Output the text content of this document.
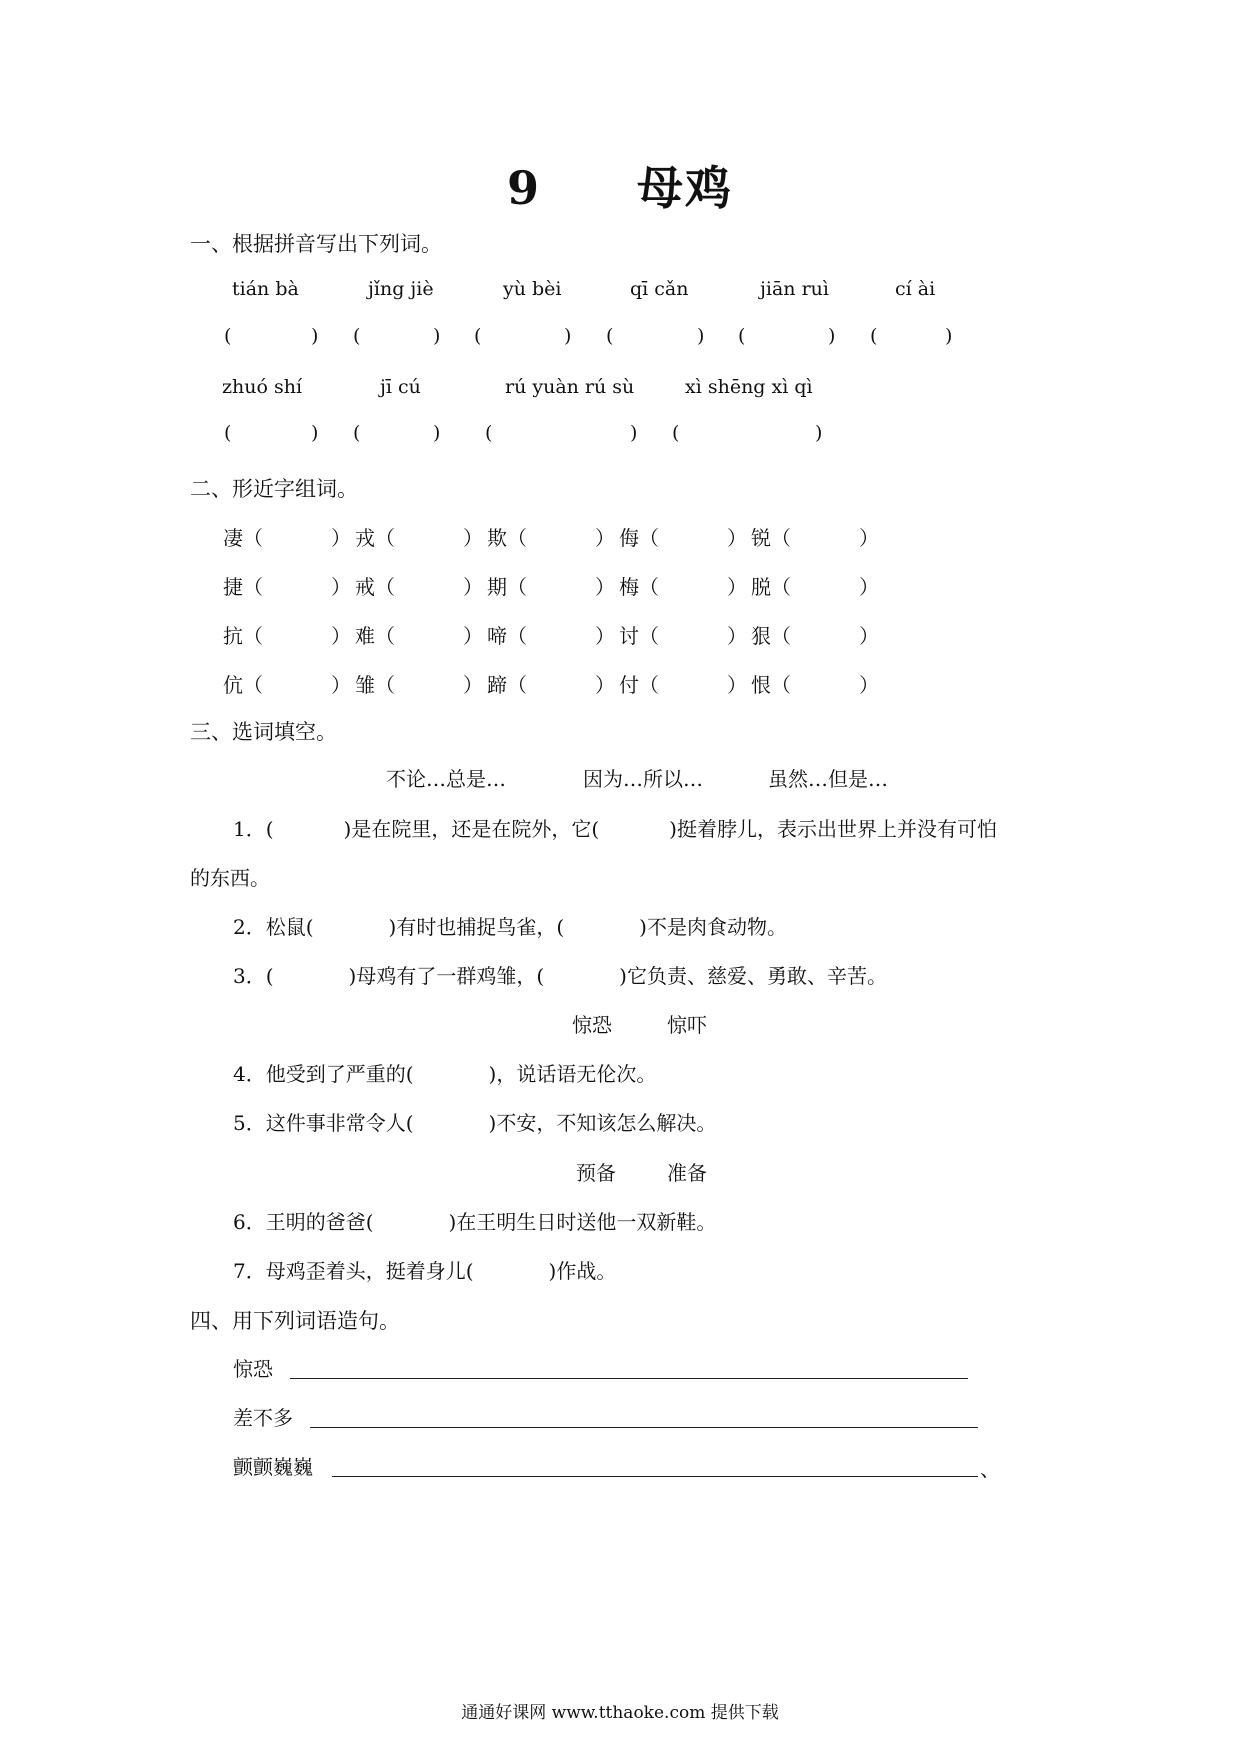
9 母鸡
一、根据拼音写出下列词。
tián bà	jǐng jiè	yù bèi	qī cǎn	jiān ruì	cí ài
(	) (	) (	) (	) (	) (	)
zhuó shí	jī cú	rú yuàn rú sù	xì shēng xì qì
(	) (	) (	) (	)
二、形近字组词。
凄（	） 戎（	） 欺（	） 侮（	） 锐（	）
捷（	） 戒（	） 期（	） 梅（	） 脱（	）
抗（	） 难（	） 啼（	） 讨（	） 狠（	）
伉（	） 雏（	） 蹄（	） 付（	） 恨（	）
三、选词填空。
不论…总是…	因为…所以…	虽然…但是…
1．(	)是在院里，还是在院外，它(	)挺着脖儿，表示出世界上并没有可怕
的东西。
2．松鼠(	)有时也捕捉鸟雀，(	)不是肉食动物。
3．(	)母鸡有了一群鸡雏，(	)它负责、慈爱、勇敢、辛苦。
惊恐	惊吓
4．他受到了严重的(	)，说话语无伦次。
5．这件事非常令人(	)不安，不知该怎么解决。
预备	准备
6．王明的爸爸(	)在王明生日时送他一双新鞋。
7．母鸡歪着头，挺着身儿(	)作战。
四、用下列词语造句。
惊恐
差不多
颤颤巍巍	、
通通好课网 www.tthaoke.com 提供下载
